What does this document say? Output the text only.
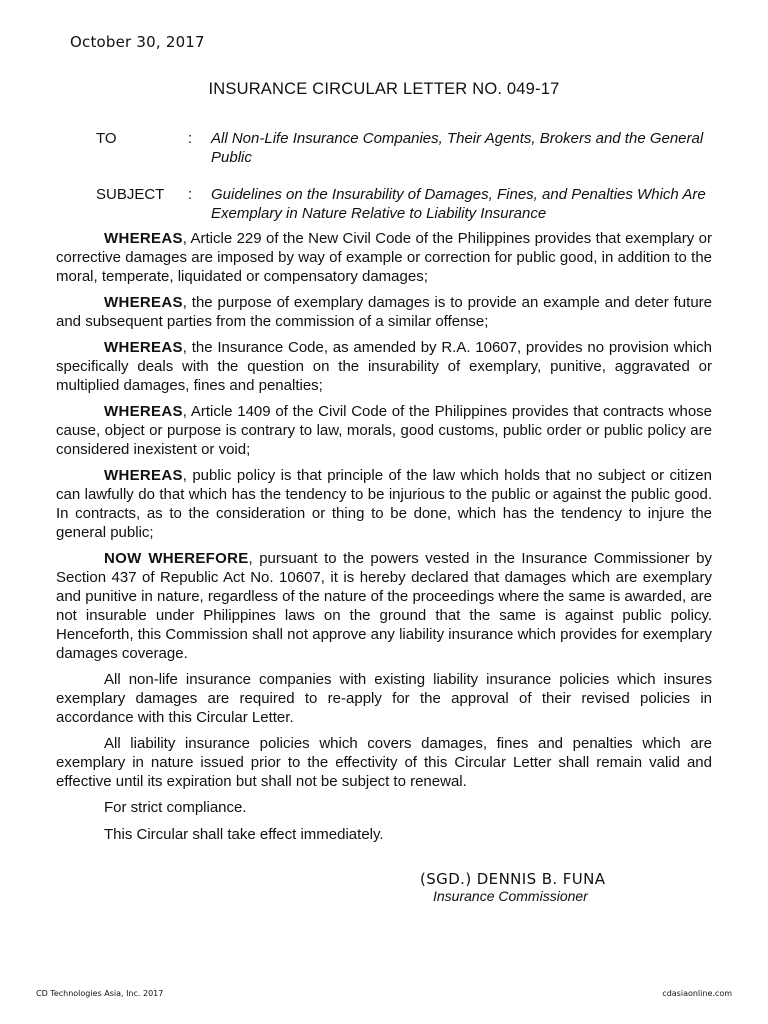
October 30, 2017
INSURANCE CIRCULAR LETTER NO. 049-17
TO	: All Non-Life Insurance Companies, Their Agents, Brokers and the General Public
SUBJECT : Guidelines on the Insurability of Damages, Fines, and Penalties Which Are Exemplary in Nature Relative to Liability Insurance

WHEREAS, Article 229 of the New Civil Code of the Philippines provides that exemplary or corrective damages are imposed by way of example or correction for public good, in addition to the moral, temperate, liquidated or compensatory damages;

WHEREAS, the purpose of exemplary damages is to provide an example and deter future and subsequent parties from the commission of a similar offense;

WHEREAS, the Insurance Code, as amended by R.A. 10607, provides no provision which specifically deals with the question on the insurability of exemplary, punitive, aggravated or multiplied damages, fines and penalties;

WHEREAS, Article 1409 of the Civil Code of the Philippines provides that contracts whose cause, object or purpose is contrary to law, morals, good customs, public order or public policy are considered inexistent or void;

WHEREAS, public policy is that principle of the law which holds that no subject or citizen can lawfully do that which has the tendency to be injurious to the public or against the public good. In contracts, as to the consideration or thing to be done, which has the tendency to injure the general public;

NOW WHEREFORE, pursuant to the powers vested in the Insurance Commissioner by Section 437 of Republic Act No. 10607, it is hereby declared that damages which are exemplary and punitive in nature, regardless of the nature of the proceedings where the same is awarded, are not insurable under Philippines laws on the ground that the same is against public policy. Henceforth, this Commission shall not approve any liability insurance which provides for exemplary damages coverage.

All non-life insurance companies with existing liability insurance policies which insures exemplary damages are required to re-apply for the approval of their revised policies in accordance with this Circular Letter.

All liability insurance policies which covers damages, fines and penalties which are exemplary in nature issued prior to the effectivity of this Circular Letter shall remain valid and effective until its expiration but shall not be subject to renewal.

For strict compliance.

This Circular shall take effect immediately.

(SGD.) DENNIS B. FUNA
Insurance Commissioner
CD Technologies Asia, Inc. 2017	cdasiaonline.com
